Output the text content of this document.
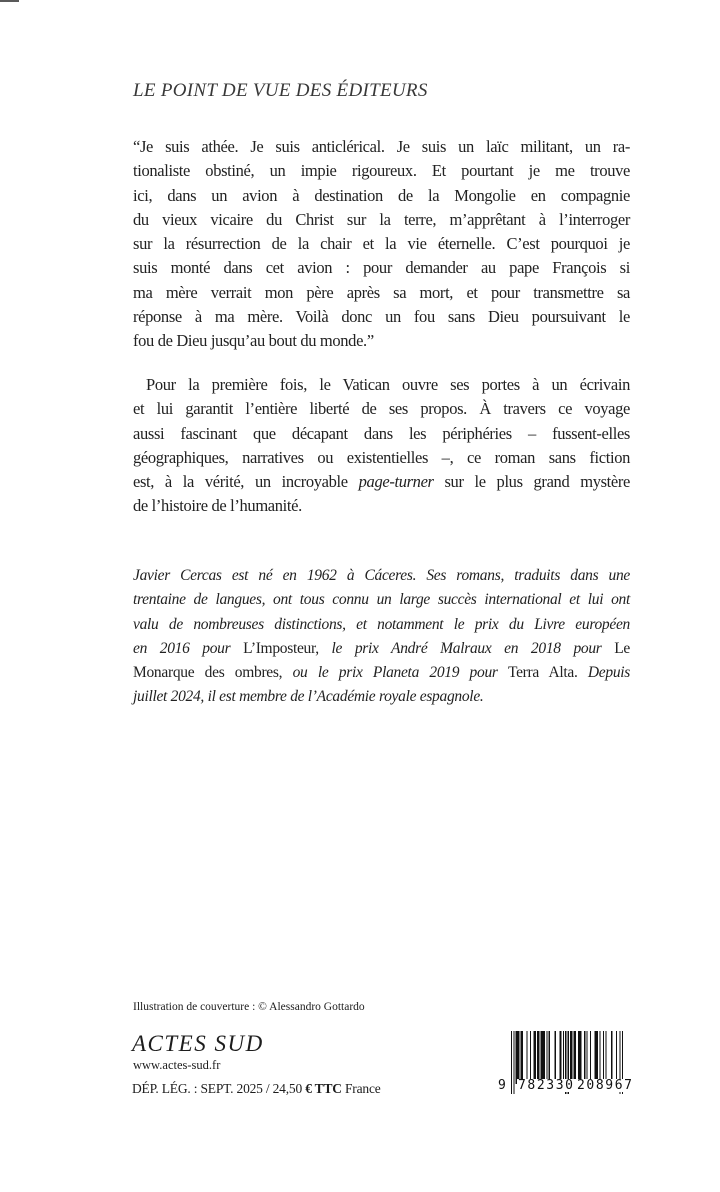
LE POINT DE VUE DES ÉDITEURS
“Je suis athée. Je suis anticlérical. Je suis un laïc militant, un ra-
tionaliste obstiné, un impie rigoureux. Et pourtant je me trouve
ici, dans un avion à destination de la Mongolie en compagnie
du vieux vicaire du Christ sur la terre, m’apprêtant à l’interroger
sur la résurrection de la chair et la vie éternelle. C’est pourquoi je
suis monté dans cet avion : pour demander au pape François si
ma mère verrait mon père après sa mort, et pour transmettre sa
réponse à ma mère. Voilà donc un fou sans Dieu poursuivant le
fou de Dieu jusqu’au bout du monde.”
Pour la première fois, le Vatican ouvre ses portes à un écrivain
et lui garantit l’entière liberté de ses propos. À travers ce voyage
aussi fascinant que décapant dans les périphéries – fussent-elles
géographiques, narratives ou existentielles –, ce roman sans fiction
est, à la vérité, un incroyable page-turner sur le plus grand mystère
de l’histoire de l’humanité.
Javier Cercas est né en 1962 à Cáceres. Ses romans, traduits dans une
trentaine de langues, ont tous connu un large succès international et lui ont
valu de nombreuses distinctions, et notamment le prix du Livre européen
en 2016 pour L’Imposteur, le prix André Malraux en 2018 pour Le
Monarque des ombres, ou le prix Planeta 2019 pour Terra Alta. Depuis
juillet 2024, il est membre de l’Académie royale espagnole.
Illustration de couverture : © Alessandro Gottardo
ACTES SUD
www.actes-sud.fr
DÉP. LÉG. : SEPT. 2025 / 24,50 € TTC France	9 782330 208967
